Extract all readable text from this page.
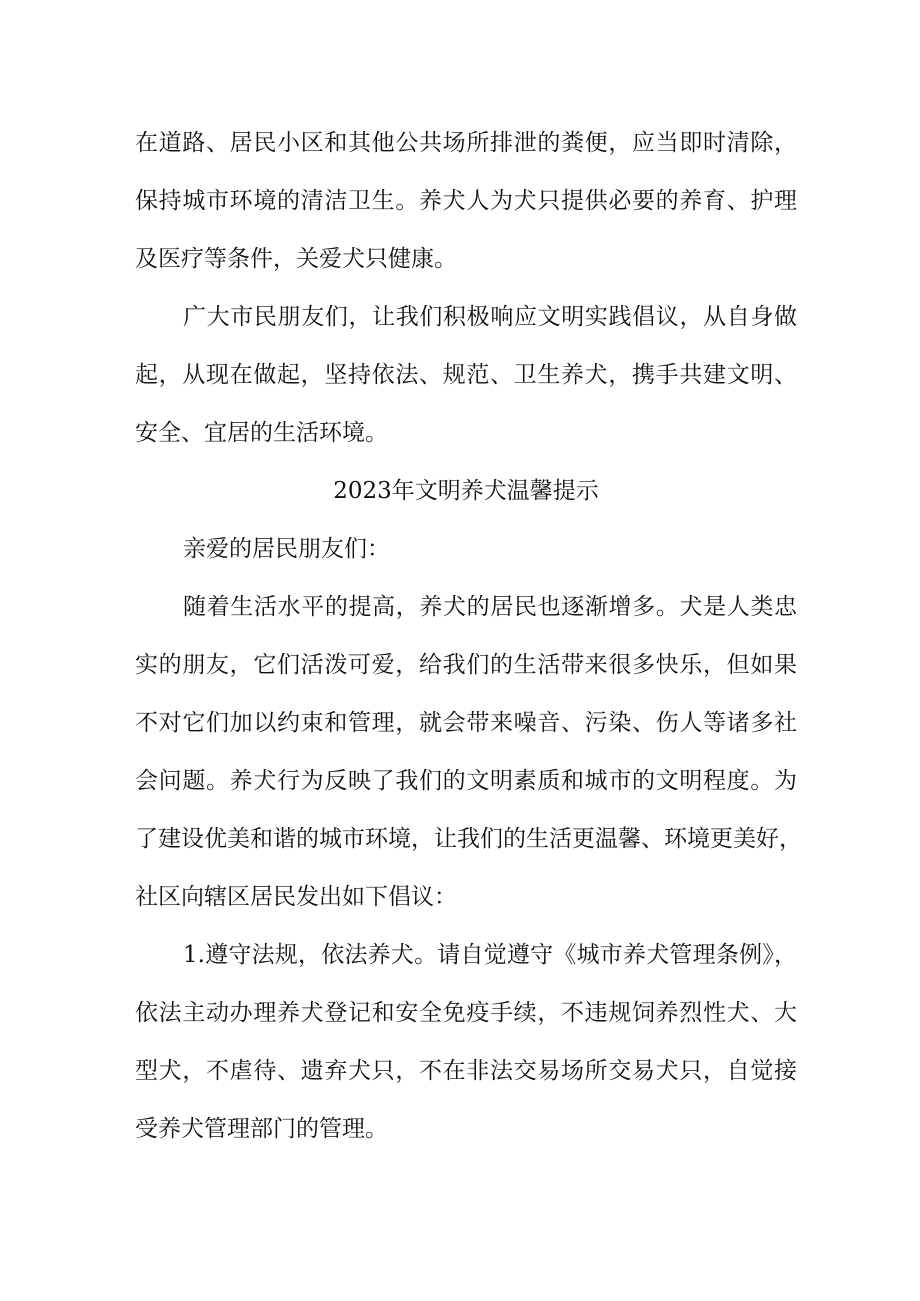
在道路、居民小区和其他公共场所排泄的粪便，应当即时清除，
保持城市环境的清洁卫生。养犬人为犬只提供必要的养育、护理
及医疗等条件，关爱犬只健康。
广大市民朋友们，让我们积极响应文明实践倡议，从自身做
起，从现在做起，坚持依法、规范、卫生养犬，携手共建文明、
安全、宜居的生活环境。
2023年文明养犬温馨提示
亲爱的居民朋友们：
随着生活水平的提高，养犬的居民也逐渐增多。犬是人类忠
实的朋友，它们活泼可爱，给我们的生活带来很多快乐，但如果
不对它们加以约束和管理，就会带来噪音、污染、伤人等诸多社
会问题。养犬行为反映了我们的文明素质和城市的文明程度。为
了建设优美和谐的城市环境，让我们的生活更温馨、环境更美好，
社区向辖区居民发出如下倡议：
1.遵守法规，依法养犬。请自觉遵守《城市养犬管理条例》，
依法主动办理养犬登记和安全免疫手续，不违规饲养烈性犬、大
型犬，不虐待、遗弃犬只，不在非法交易场所交易犬只，自觉接
受养犬管理部门的管理。
